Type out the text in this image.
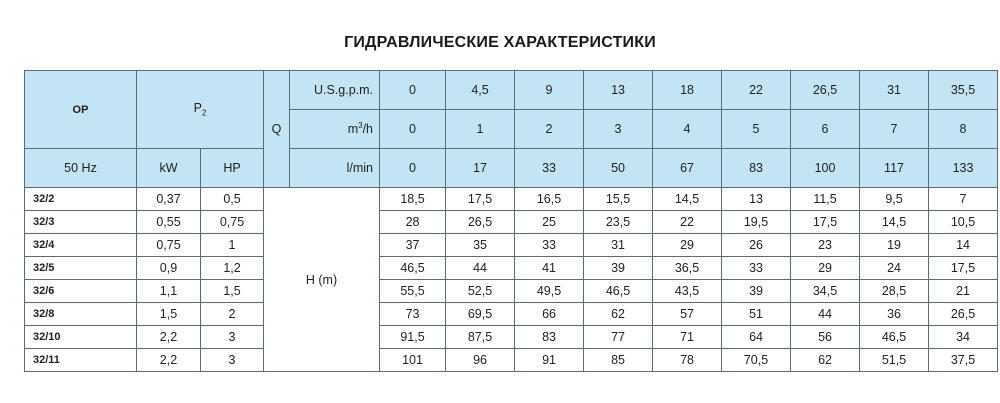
ГИДРАВЛИЧЕСКИЕ ХАРАКТЕРИСТИКИ
OP	$P_2$		Q	U.S.g.p.m.	0	4,5	9	13	18	22	26,5	31	35,5
				$m^3/h$	0	1	2	3	4	5	6	7	8
50 Hz	kW	HP		l/min	0	17	33	50	67	83	100	117	133
32/2	0,37	0,5	H (m)		18,5	17,5	16,5	15,5	14,5	13	11,5	9,5	7
32/3	0,55	0,75			28	26,5	25	23,5	22	19,5	17,5	14,5	10,5
32/4	0,75	1			37	35	33	31	29	26	23	19	14
32/5	0,9	1,2			46,5	44	41	39	36,5	33	29	24	17,5
32/6	1,1	1,5			55,5	52,5	49,5	46,5	43,5	39	34,5	28,5	21
32/8	1,5	2			73	69,5	66	62	57	51	44	36	26,5
32/10	2,2	3			91,5	87,5	83	77	71	64	56	46,5	34
32/11	2,2	3			101	96	91	85	78	70,5	62	51,5	37,5
